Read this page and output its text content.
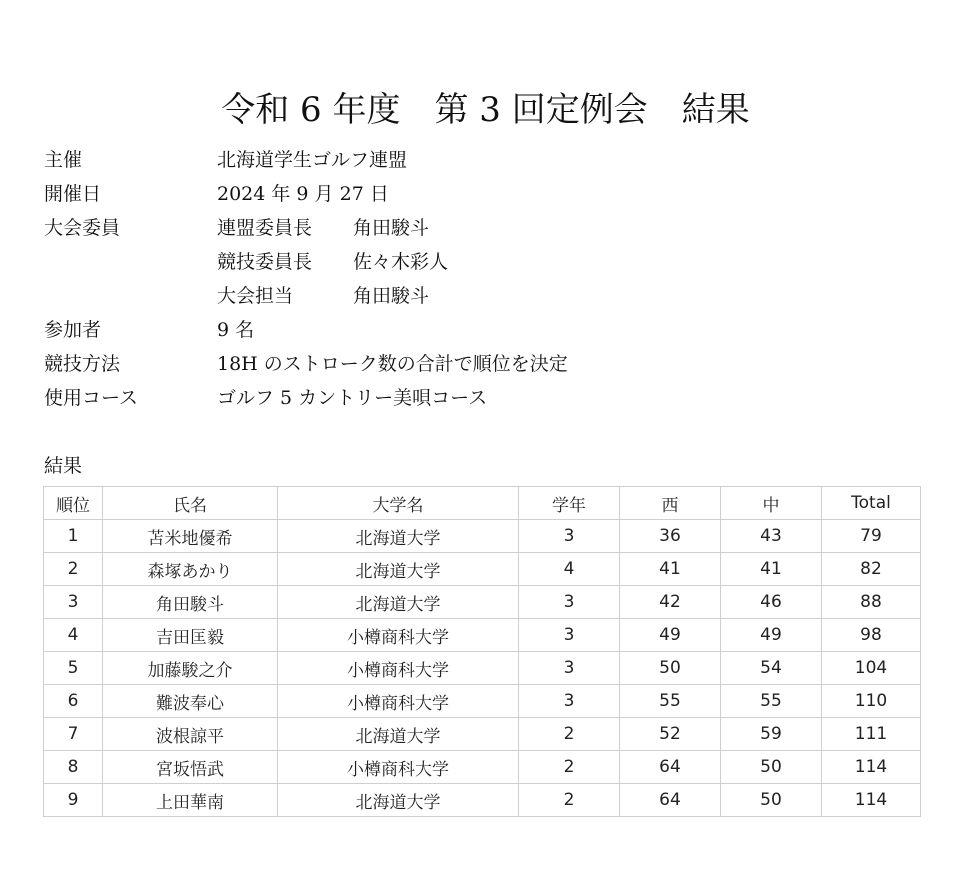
令和 6 年度　第 3 回定例会　結果
主催	北海道学生ゴルフ連盟
開催日	2024 年 9 月 27 日
大会委員	連盟委員長 角田駿斗
競技委員長 佐々木彩人
大会担当	角田駿斗
参加者	9 名
競技方法	18H のストローク数の合計で順位を決定
使用コース	ゴルフ 5 カントリー美唄コース
結果
順位	氏名	大学名	学年	西	中	Total
1	苫米地優希	北海道大学	3	36	43	79
2	森塚あかり	北海道大学	4	41	41	82
3	角田駿斗	北海道大学	3	42	46	88
4	吉田匡毅	小樽商科大学	3	49	49	98
5	加藤駿之介	小樽商科大学	3	50	54	104
6	難波奉心	小樽商科大学	3	55	55	110
7	波根諒平	北海道大学	2	52	59	111
8	宮坂悟武	小樽商科大学	2	64	50	114
9	上田華南	北海道大学	2	64	50	114
